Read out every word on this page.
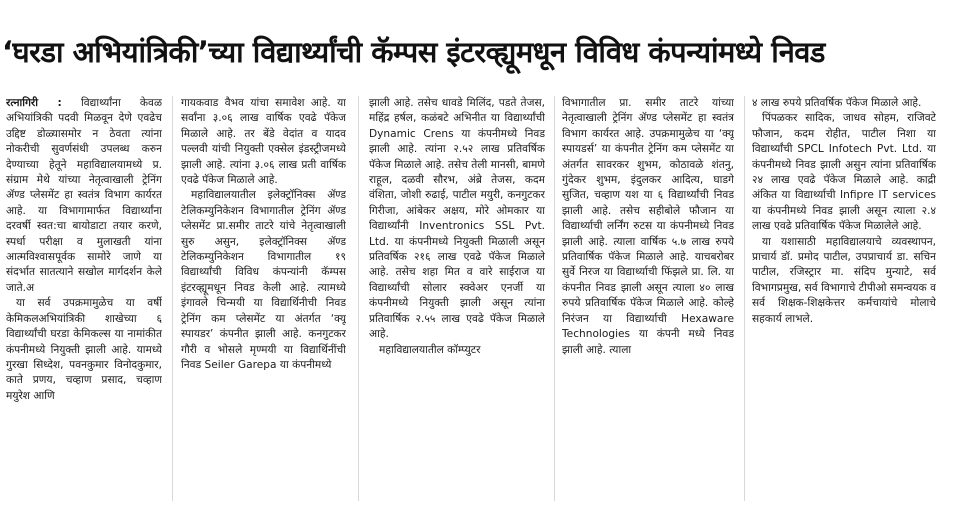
‘घरडा अभियांत्रिकी’च्या विद्यार्थ्यांची कॅम्पस इंटरव्ह्यूमधून विविध कंपन्यांमध्ये निवड

रत्नागिरी : विद्यार्थ्यांना केवळ अभियांत्रिकी पदवी मिळवून देणे एवढेच उद्दिष्ट डोळ्यासमोर न ठेवता त्यांना नोकरीची सुवर्णसंधी उपलब्ध करुन देण्याच्या हेतूने महाविद्यालयामध्ये प्र. संग्राम मेथे यांच्या नेतृत्वाखाली ट्रेनिंग ॲण्ड प्लेसमेंट हा स्वतंत्र विभाग कार्यरत आहे. या विभागामार्फत विद्यार्थ्यांना दरवर्षी स्वत:चा बायोडाटा तयार करणे, स्पर्धा परीक्षा व मुलाखती यांना आत्मविश्वासपूर्वक सामोरे जाणे या संदर्भात सातत्याने सखोल मार्गदर्शन केले जाते.अ

या सर्व उपक्रमामुळेच या वर्षी केमिकलअभियांत्रिकी शाखेच्या ६ विद्यार्थ्यांची घरडा केमिकल्स या नामांकीत कंपनीमध्ये नियुक्ती झाली आहे. यामध्ये गुरखा सिध्देश, पवनकुमार विनोदकुमार, काते प्रणय, चव्हाण प्रसाद, चव्हाण मयुरेश आणि

गायकवाड वैभव यांचा समावेश आहे. या सर्वांना ३.०६ लाख वार्षिक एवढे पॅकेज मिळाले आहे. तर बेंडे वेदांत व यादव पल्लवी यांची नियुक्ती एक्सेल इंडस्ट्रीजमध्ये झाली आहे. त्यांना ३.०६ लाख प्रती वार्षिक एवढे पॅकेज मिळाले आहे.

महाविद्यालयातील इलेक्ट्रॉनिक्स ॲण्ड टेलिकम्युनिकेशन विभागातील ट्रेनिंग ॲण्ड प्लेसमेंट प्रा.समीर ताटरे यांचे नेतृत्वाखाली सुरु असुन, इलेक्ट्रॉनिक्स ॲण्ड टेलिकम्युनिकेशन विभागातील १९ विद्यार्थ्यांची विविध कंपन्यांनी कॅम्पस इंटरव्ह्यूमधून निवड केली आहे. त्यामध्ये इंगावले चिन्मयी या विद्यार्थिनीची निवड ट्रेनिंग कम प्लेसमेंट या अंतर्गत ‘क्यू स्पायडर’ कंपनीत झाली आहे. कनगुटकर गौरी व भोसले मृण्मयी या विद्यार्थिनींची निवड Seiler Garepa या कंपनीमध्ये

झाली आहे. तसेच धावडे मिलिंद, पडते तेजस, महिंद्र हर्षल, कळंबटे अभिनीत या विद्यार्थ्यांची Dynamic Crens या कंपनीमध्ये निवड झाली आहे. त्यांना २.५२ लाख प्रतिवर्षिक पॅकेज मिळाले आहे. तसेच तेली मानसी, बामणे राहूल, दळवी सौरभ, अंब्रे तेजस, कदम वंशिता, जोशी रुढाई, पाटील मयुरी, कनगुटकर गिरीजा, आंबेकर अक्षय, मोरे ओमकार या विद्यार्थ्यांनी Inventronics SSL Pvt. Ltd. या कंपनीमध्ये नियुक्ती मिळाली असून प्रतिवर्षिक २१६ लाख एवढे पॅकेज मिळाले आहे. तसेच शहा मित व वारे साईराज या विद्यार्थ्यांची सोलार स्क्वेअर एनर्जी या कंपनीमध्ये नियुक्ती झाली असून त्यांना प्रतिवार्षिक २.५५ लाख एवढे पॅकेज मिळाले आहे.

महाविद्यालयातील कॉम्प्युटर

विभागातील प्रा. समीर ताटरे यांच्या नेतृत्वाखाली ट्रेनिंग ॲण्ड प्लेसमेंट हा स्वतंत्र विभाग कार्यरत आहे. उपक्रमामुळेच या ‘क्यू स्पायडर्स’ या कंपनीत ट्रेनिंग कम प्लेसमेंट या अंतर्गत सावरकर शुभम, कोठावळे शंतनु, गुंदेकर शुभम, इंदुलकर आदित्य, घाडगे सुजित, चव्हाण यश या ६ विद्यार्थ्यांची निवड झाली आहे. तसेच सहीबोले फौजान या विद्यार्थ्याची लर्निंग रुटस या कंपनीमध्ये निवड झाली आहे. त्याला वार्षिक ५.७ लाख रुपये प्रतिवार्षिक पॅकेज मिळाले आहे. याचबरोबर सुर्वे निरज या विद्यार्थ्याची फिंझले प्रा. लि. या कंपनीत निवड झाली असून त्याला ४० लाख रुपये प्रतिवार्षिक पॅकेज मिळाले आहे. कोल्हे निरंजन या विद्यार्थ्याची Hexaware Technologies या कंपनी मध्ये निवड झाली आहे. त्याला

४ लाख रुपये प्रतिवर्षिक पॅकेज मिळाले आहे.

पिंपळकर सादिक, जाधव सोहम, राजिवटे फौजान, कदम रोहीत, पाटील निशा या विद्यार्थ्यांची SPCL Infotech Pvt. Ltd. या कंपनीमध्ये निवड झाली असुन त्यांना प्रतिवार्षिक २४ लाख एवढे पॅकेज मिळाले आहे. काद्री अंकित या विद्यार्थ्याची Infipre IT services या कंपनीमध्ये निवड झाली असून त्याला २.४ लाख एवढे प्रतिवार्षिक पॅकेज मिळालेले आहे.

या यशासाठी महाविद्यालयाचे व्यवस्थापन, प्राचार्य डॉ. प्रमोद पाटील, उपप्राचार्य डा. सचिन पाटील, रजिस्ट्रार मा. संदिप मुन्याटे, सर्व विभागप्रमुख, सर्व विभागाचे टीपीओ समन्वयक व सर्व शिक्षक-शिक्षकेत्तर कर्मचायांचे मोलाचे सहकार्य लाभले.
